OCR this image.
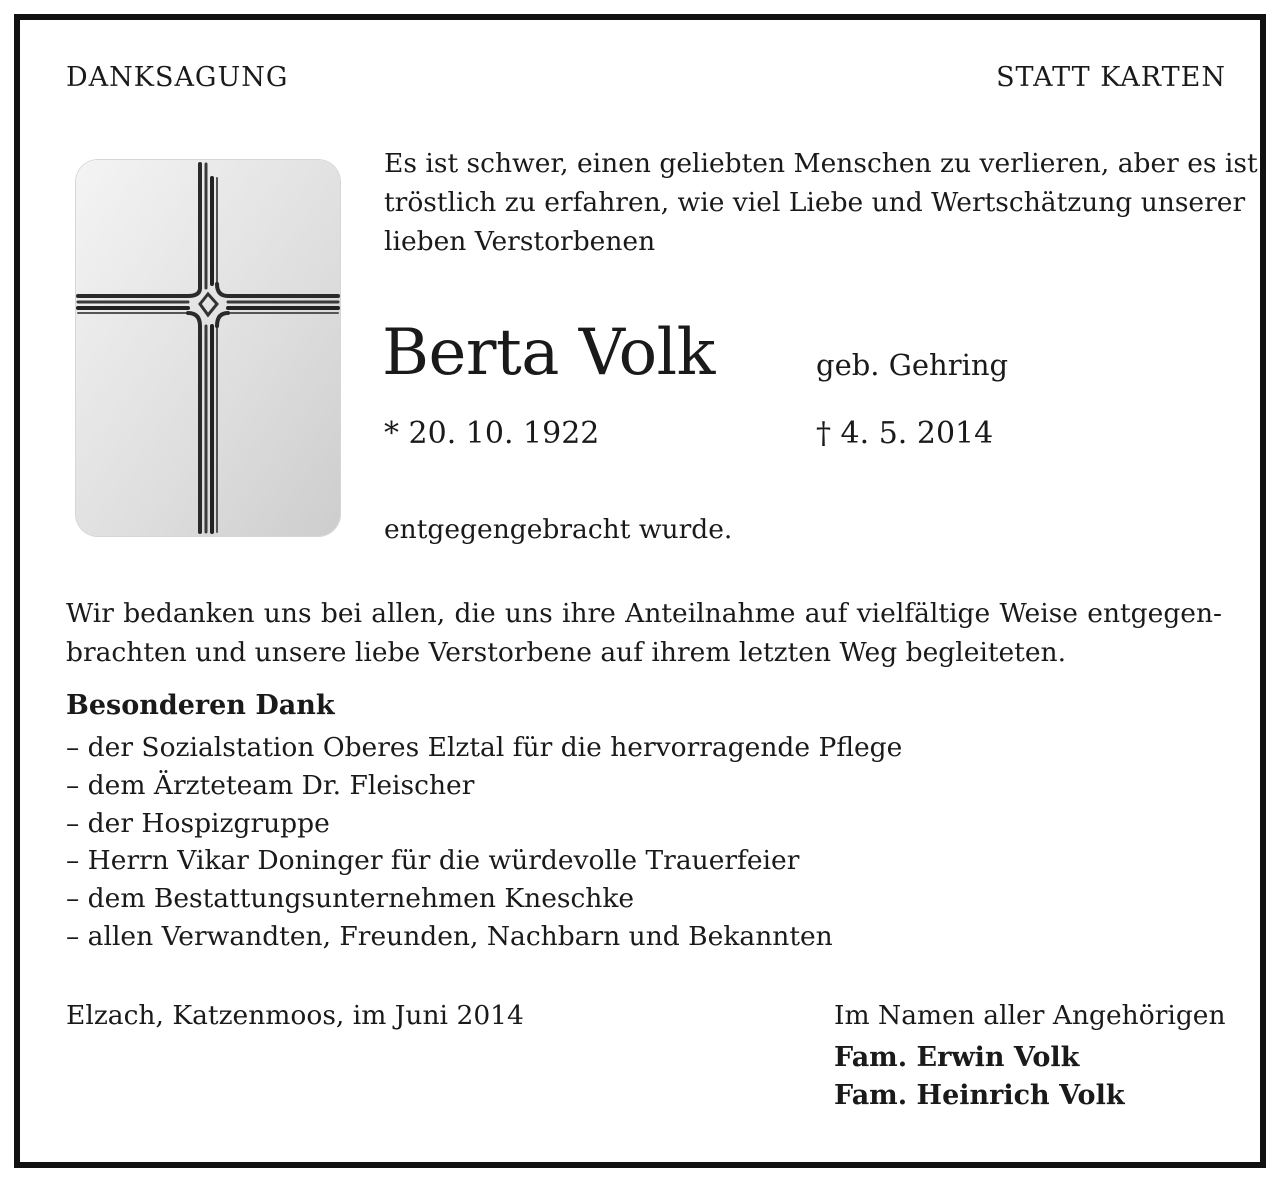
DANKSAGUNG	STATT KARTEN
Es ist schwer, einen geliebten Menschen zu verlieren, aber es ist
tröstlich zu erfahren, wie viel Liebe und Wertschätzung unserer
lieben Verstorbenen
Berta Volk	geb. Gehring
* 20. 10. 1922	† 4. 5. 2014
entgegengebracht wurde.
Wir bedanken uns bei allen, die uns ihre Anteilnahme auf vielfältige Weise entgegen-
brachten und unsere liebe Verstorbene auf ihrem letzten Weg begleiteten.
Besonderen Dank
– der Sozialstation Oberes Elztal für die hervorragende Pflege
– dem Ärzteteam Dr. Fleischer
– der Hospizgruppe
– Herrn Vikar Doninger für die würdevolle Trauerfeier
– dem Bestattungsunternehmen Kneschke
– allen Verwandten, Freunden, Nachbarn und Bekannten
Elzach, Katzenmoos, im Juni 2014	Im Namen aller Angehörigen
Fam. Erwin Volk
Fam. Heinrich Volk
